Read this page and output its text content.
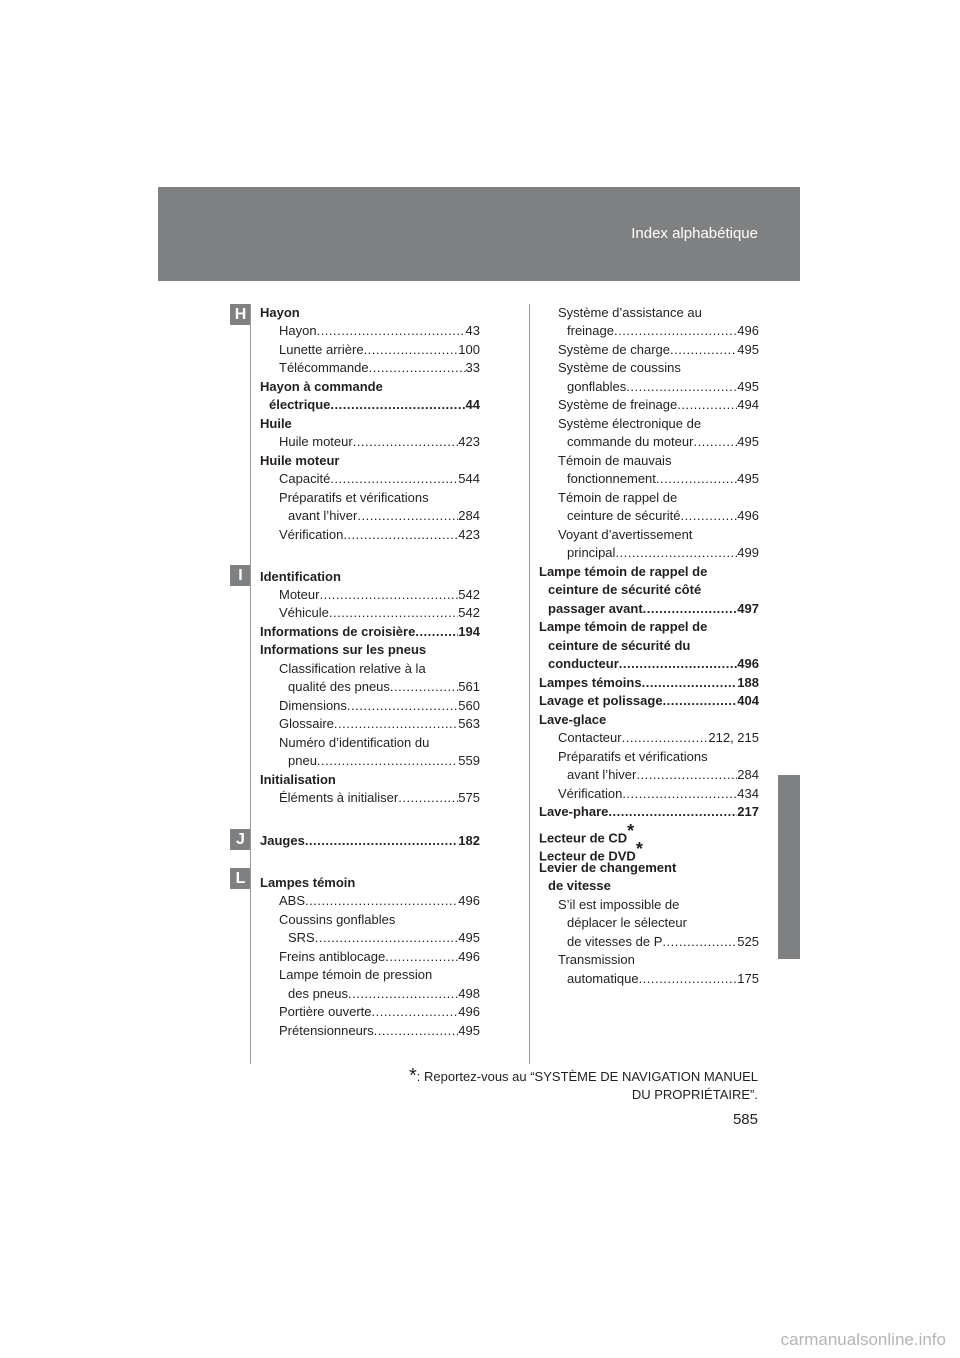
Index alphabétique
H
I
J
L
Hayon
Hayon .....	43
Lunette arrière .....	100
Télécommande .....	33
Hayon à commande
électrique .....	44
Huile
Huile moteur .....	423
Huile moteur
Capacité .....	544
Préparatifs et vérifications
avant l’hiver .....	284
Vérification .....	423
Identification
Moteur .....	542
Véhicule .....	542
Informations de croisière .....	194
Informations sur les pneus
Classification relative à la
qualité des pneus .....	561
Dimensions .....	560
Glossaire .....	563
Numéro d’identification du
pneu .....	559
Initialisation
Éléments à initialiser .....	575
Jauges .....	182
Lampes témoin
ABS .....	496
Coussins gonflables
SRS .....	495
Freins antiblocage .....	496
Lampe témoin de pression
des pneus .....	498
Portière ouverte .....	496
Prétensionneurs .....	495
Système d’assistance au
freinage .....	496
Système de charge .....	495
Système de coussins
gonflables .....	495
Système de freinage .....	494
Système électronique de
commande du moteur .....	495
Témoin de mauvais
fonctionnement .....	495
Témoin de rappel de
ceinture de sécurité .....	496
Voyant d’avertissement
principal .....	499
Lampe témoin de rappel de
ceinture de sécurité côté
passager avant .....	497
Lampe témoin de rappel de
ceinture de sécurité du
conducteur .....	496
Lampes témoins .....	188
Lavage et polissage .....	404
Lave-glace
Contacteur .....	212, 215
Préparatifs et vérifications
avant l’hiver .....	284
Vérification .....	434
Lave-phare .....	217
Lecteur de CD*
Lecteur de DVD*
Levier de changement
de vitesse
S’il est impossible de
déplacer le sélecteur
de vitesses de P .....	525
Transmission
automatique .....	175
*: Reportez-vous au “SYSTÈME DE NAVIGATION MANUEL
DU PROPRIÉTAIRE”.
585
carmanualsonline.info
